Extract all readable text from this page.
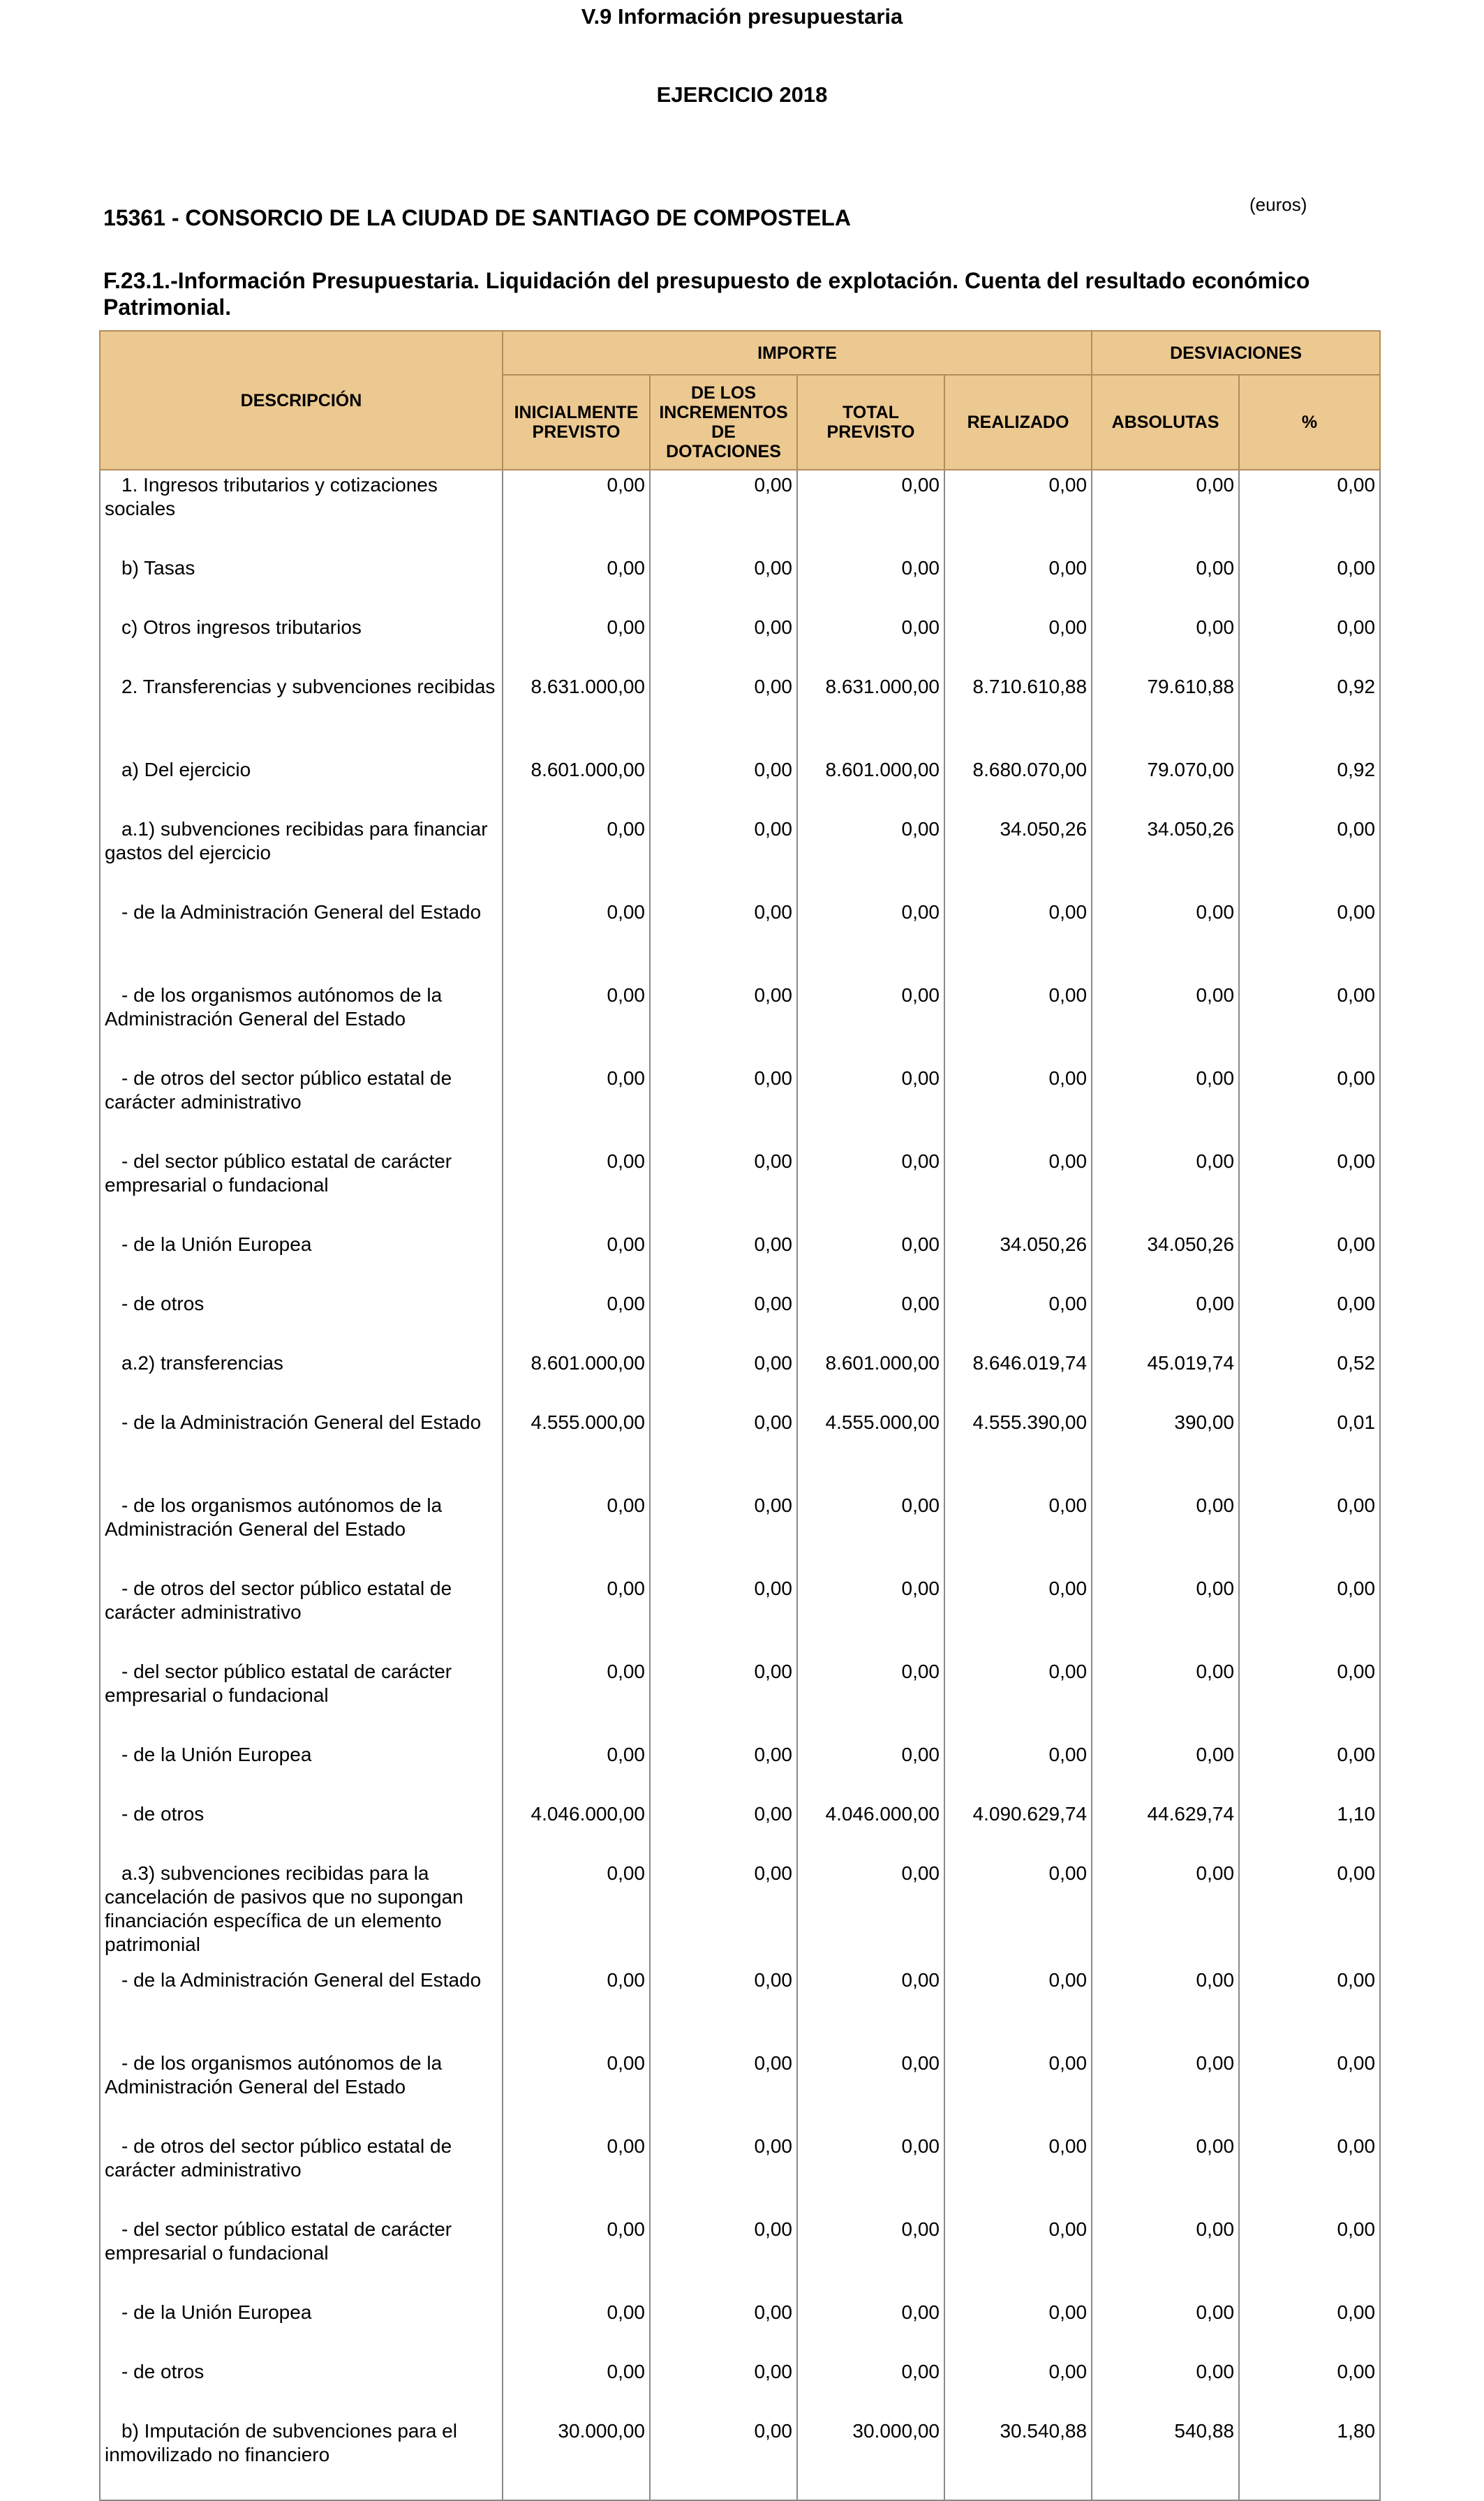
V.9 Información presupuestaria
EJERCICIO 2018
(euros)
15361 - CONSORCIO DE LA CIUDAD DE SANTIAGO DE COMPOSTELA
F.23.1.-Información Presupuestaria. Liquidación del presupuesto de explotación. Cuenta del resultado económico Patrimonial.
DESCRIPCIÓN	IMPORTE				DESVIACIONES	
	INICIALMENTE PREVISTO	DE LOS INCREMENTOS DE DOTACIONES	TOTAL PREVISTO	REALIZADO	ABSOLUTAS	%
1. Ingresos tributarios y cotizaciones sociales	0,00	0,00	0,00	0,00	0,00	0,00
b) Tasas	0,00	0,00	0,00	0,00	0,00	0,00
c) Otros ingresos tributarios	0,00	0,00	0,00	0,00	0,00	0,00
2. Transferencias y subvenciones recibidas	8.631.000,00	0,00	8.631.000,00	8.710.610,88	79.610,88	0,92
a) Del ejercicio	8.601.000,00	0,00	8.601.000,00	8.680.070,00	79.070,00	0,92
a.1) subvenciones recibidas para financiar gastos del ejercicio	0,00	0,00	0,00	34.050,26	34.050,26	0,00
- de la Administración General del Estado	0,00	0,00	0,00	0,00	0,00	0,00
- de los organismos autónomos de la Administración General del Estado	0,00	0,00	0,00	0,00	0,00	0,00
- de otros del sector público estatal de carácter administrativo	0,00	0,00	0,00	0,00	0,00	0,00
- del sector público estatal de carácter empresarial o fundacional	0,00	0,00	0,00	0,00	0,00	0,00
- de la Unión Europea	0,00	0,00	0,00	34.050,26	34.050,26	0,00
- de otros	0,00	0,00	0,00	0,00	0,00	0,00
a.2) transferencias	8.601.000,00	0,00	8.601.000,00	8.646.019,74	45.019,74	0,52
- de la Administración General del Estado	4.555.000,00	0,00	4.555.000,00	4.555.390,00	390,00	0,01
- de los organismos autónomos de la Administración General del Estado	0,00	0,00	0,00	0,00	0,00	0,00
- de otros del sector público estatal de carácter administrativo	0,00	0,00	0,00	0,00	0,00	0,00
- del sector público estatal de carácter empresarial o fundacional	0,00	0,00	0,00	0,00	0,00	0,00
- de la Unión Europea	0,00	0,00	0,00	0,00	0,00	0,00
- de otros	4.046.000,00	0,00	4.046.000,00	4.090.629,74	44.629,74	1,10
a.3) subvenciones recibidas para la cancelación de pasivos que no supongan financiación específica de un elemento patrimonial	0,00	0,00	0,00	0,00	0,00	0,00
- de la Administración General del Estado	0,00	0,00	0,00	0,00	0,00	0,00
- de los organismos autónomos de la Administración General del Estado	0,00	0,00	0,00	0,00	0,00	0,00
- de otros del sector público estatal de carácter administrativo	0,00	0,00	0,00	0,00	0,00	0,00
- del sector público estatal de carácter empresarial o fundacional	0,00	0,00	0,00	0,00	0,00	0,00
- de la Unión Europea	0,00	0,00	0,00	0,00	0,00	0,00
- de otros	0,00	0,00	0,00	0,00	0,00	0,00
b) Imputación de subvenciones para el inmovilizado no financiero	30.000,00	0,00	30.000,00	30.540,88	540,88	1,80
